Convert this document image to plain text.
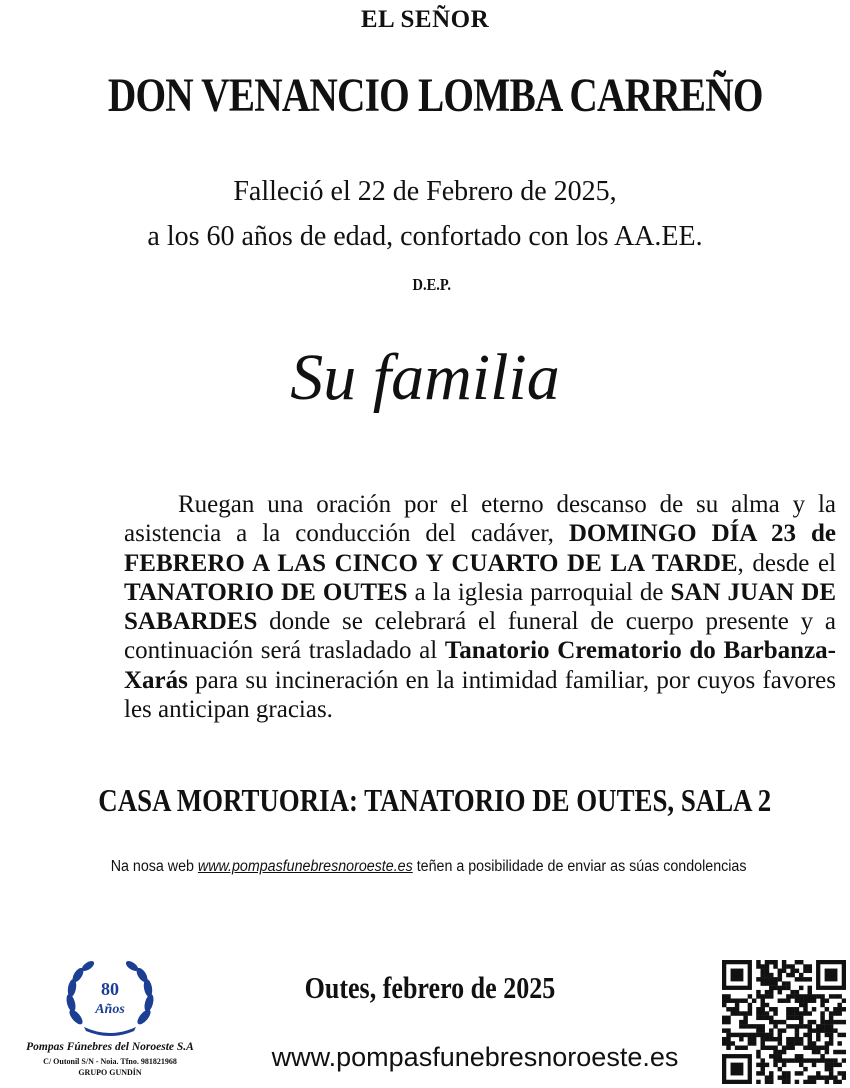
EL SEÑOR
DON VENANCIO LOMBA CARREÑO
Falleció el 22 de Febrero de 2025,
a los 60 años de edad, confortado con los AA.EE.
D.E.P.
Su familia
Ruegan una oración por el eterno descanso de su alma y la asistencia a la conducción del cadáver, DOMINGO DÍA 23 de FEBRERO A LAS CINCO Y CUARTO DE LA TARDE, desde el TANATORIO DE OUTES a la iglesia parroquial de SAN JUAN DE SABARDES donde se celebrará el funeral de cuerpo presente y a continuación será trasladado al Tanatorio Crematorio do Barbanza- Xarás para su incineración en la intimidad familiar, por cuyos favores les anticipan gracias.
CASA MORTUORIA: TANATORIO DE OUTES, SALA 2
Na nosa web www.pompasfunebresnoroeste.es teñen a posibilidade de enviar as súas condolencias
Outes, febrero de 2025
www.pompasfunebresnoroeste.es
80
Años
Pompas Fúnebres del Noroeste S.A
C/ Outonil S/N - Noia. Tfno. 981821968
GRUPO GUNDÍN
